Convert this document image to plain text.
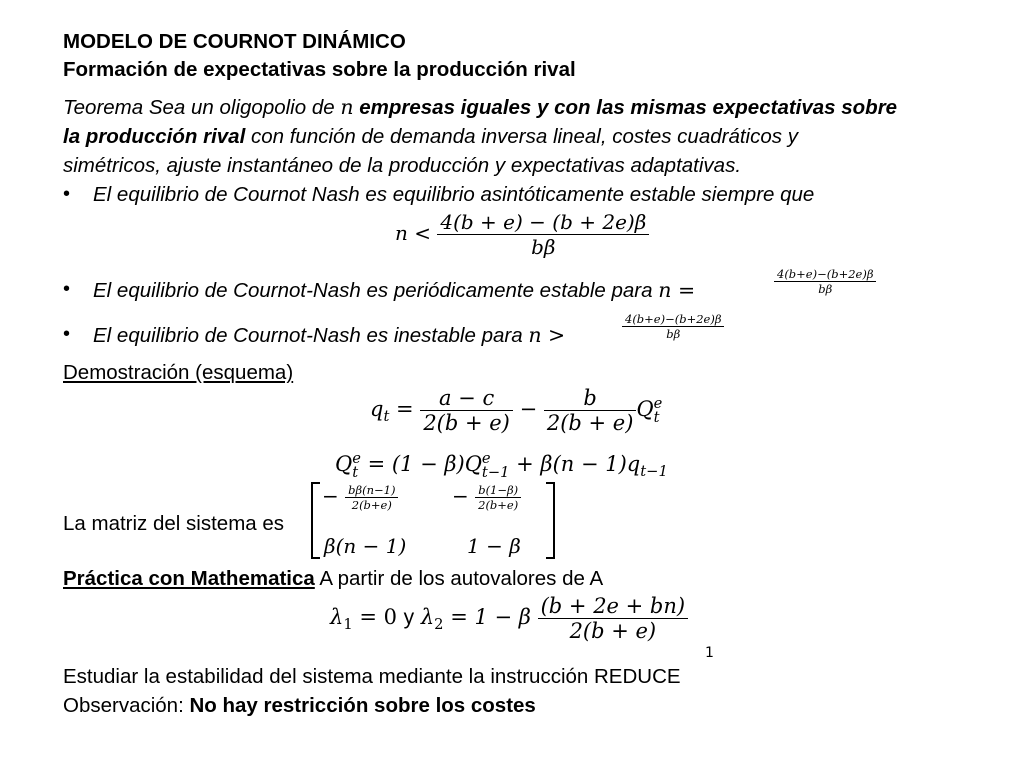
MODELO DE COURNOT DINÁMICO
Formación de expectativas sobre la producción rival
Teorema Sea un oligopolio de n empresas iguales y con las mismas expectativas sobre
la producción rival con función de demanda inversa lineal, costes cuadráticos y
simétricos, ajuste instantáneo de la producción y expectativas adaptativas.
• El equilibrio de Cournot Nash es equilibrio asintóticamente estable siempre que
$n < \frac{4(b + e) - (b + 2e)\beta}{b\beta}$
• El equilibrio de Cournot-Nash es periódicamente estable para n =	$\frac{4(b+e)-(b+2e)\beta}{b\beta}$
• El equilibrio de Cournot-Nash es inestable para n >	$\frac{4(b+e)-(b+2e)\beta}{b\beta}$
Demostración (esquema)
$q_t = \frac{a - c}{2(b + e)} - \frac{b}{2(b + e)}$ Q e
t
Q e
t = (1 − β)Q e
$t-1 + \beta(n - 1)q_{t-1}$
La matriz del sistema es
− $\frac{b\beta(n-1)}{2(b+e)}$	− $\frac{b(1-\beta)}{2(b+e)}$
β(n − 1)	1 − β
Práctica con Mathematica A partir de los autovalores de A
$\lambda_1 = 0$ y $\lambda_2 = 1 - \beta \frac{(b + 2e + bn)}{2(b + e)}$
1
Estudiar la estabilidad del sistema mediante la instrucción REDUCE
Observación: No hay restricción sobre los costes
